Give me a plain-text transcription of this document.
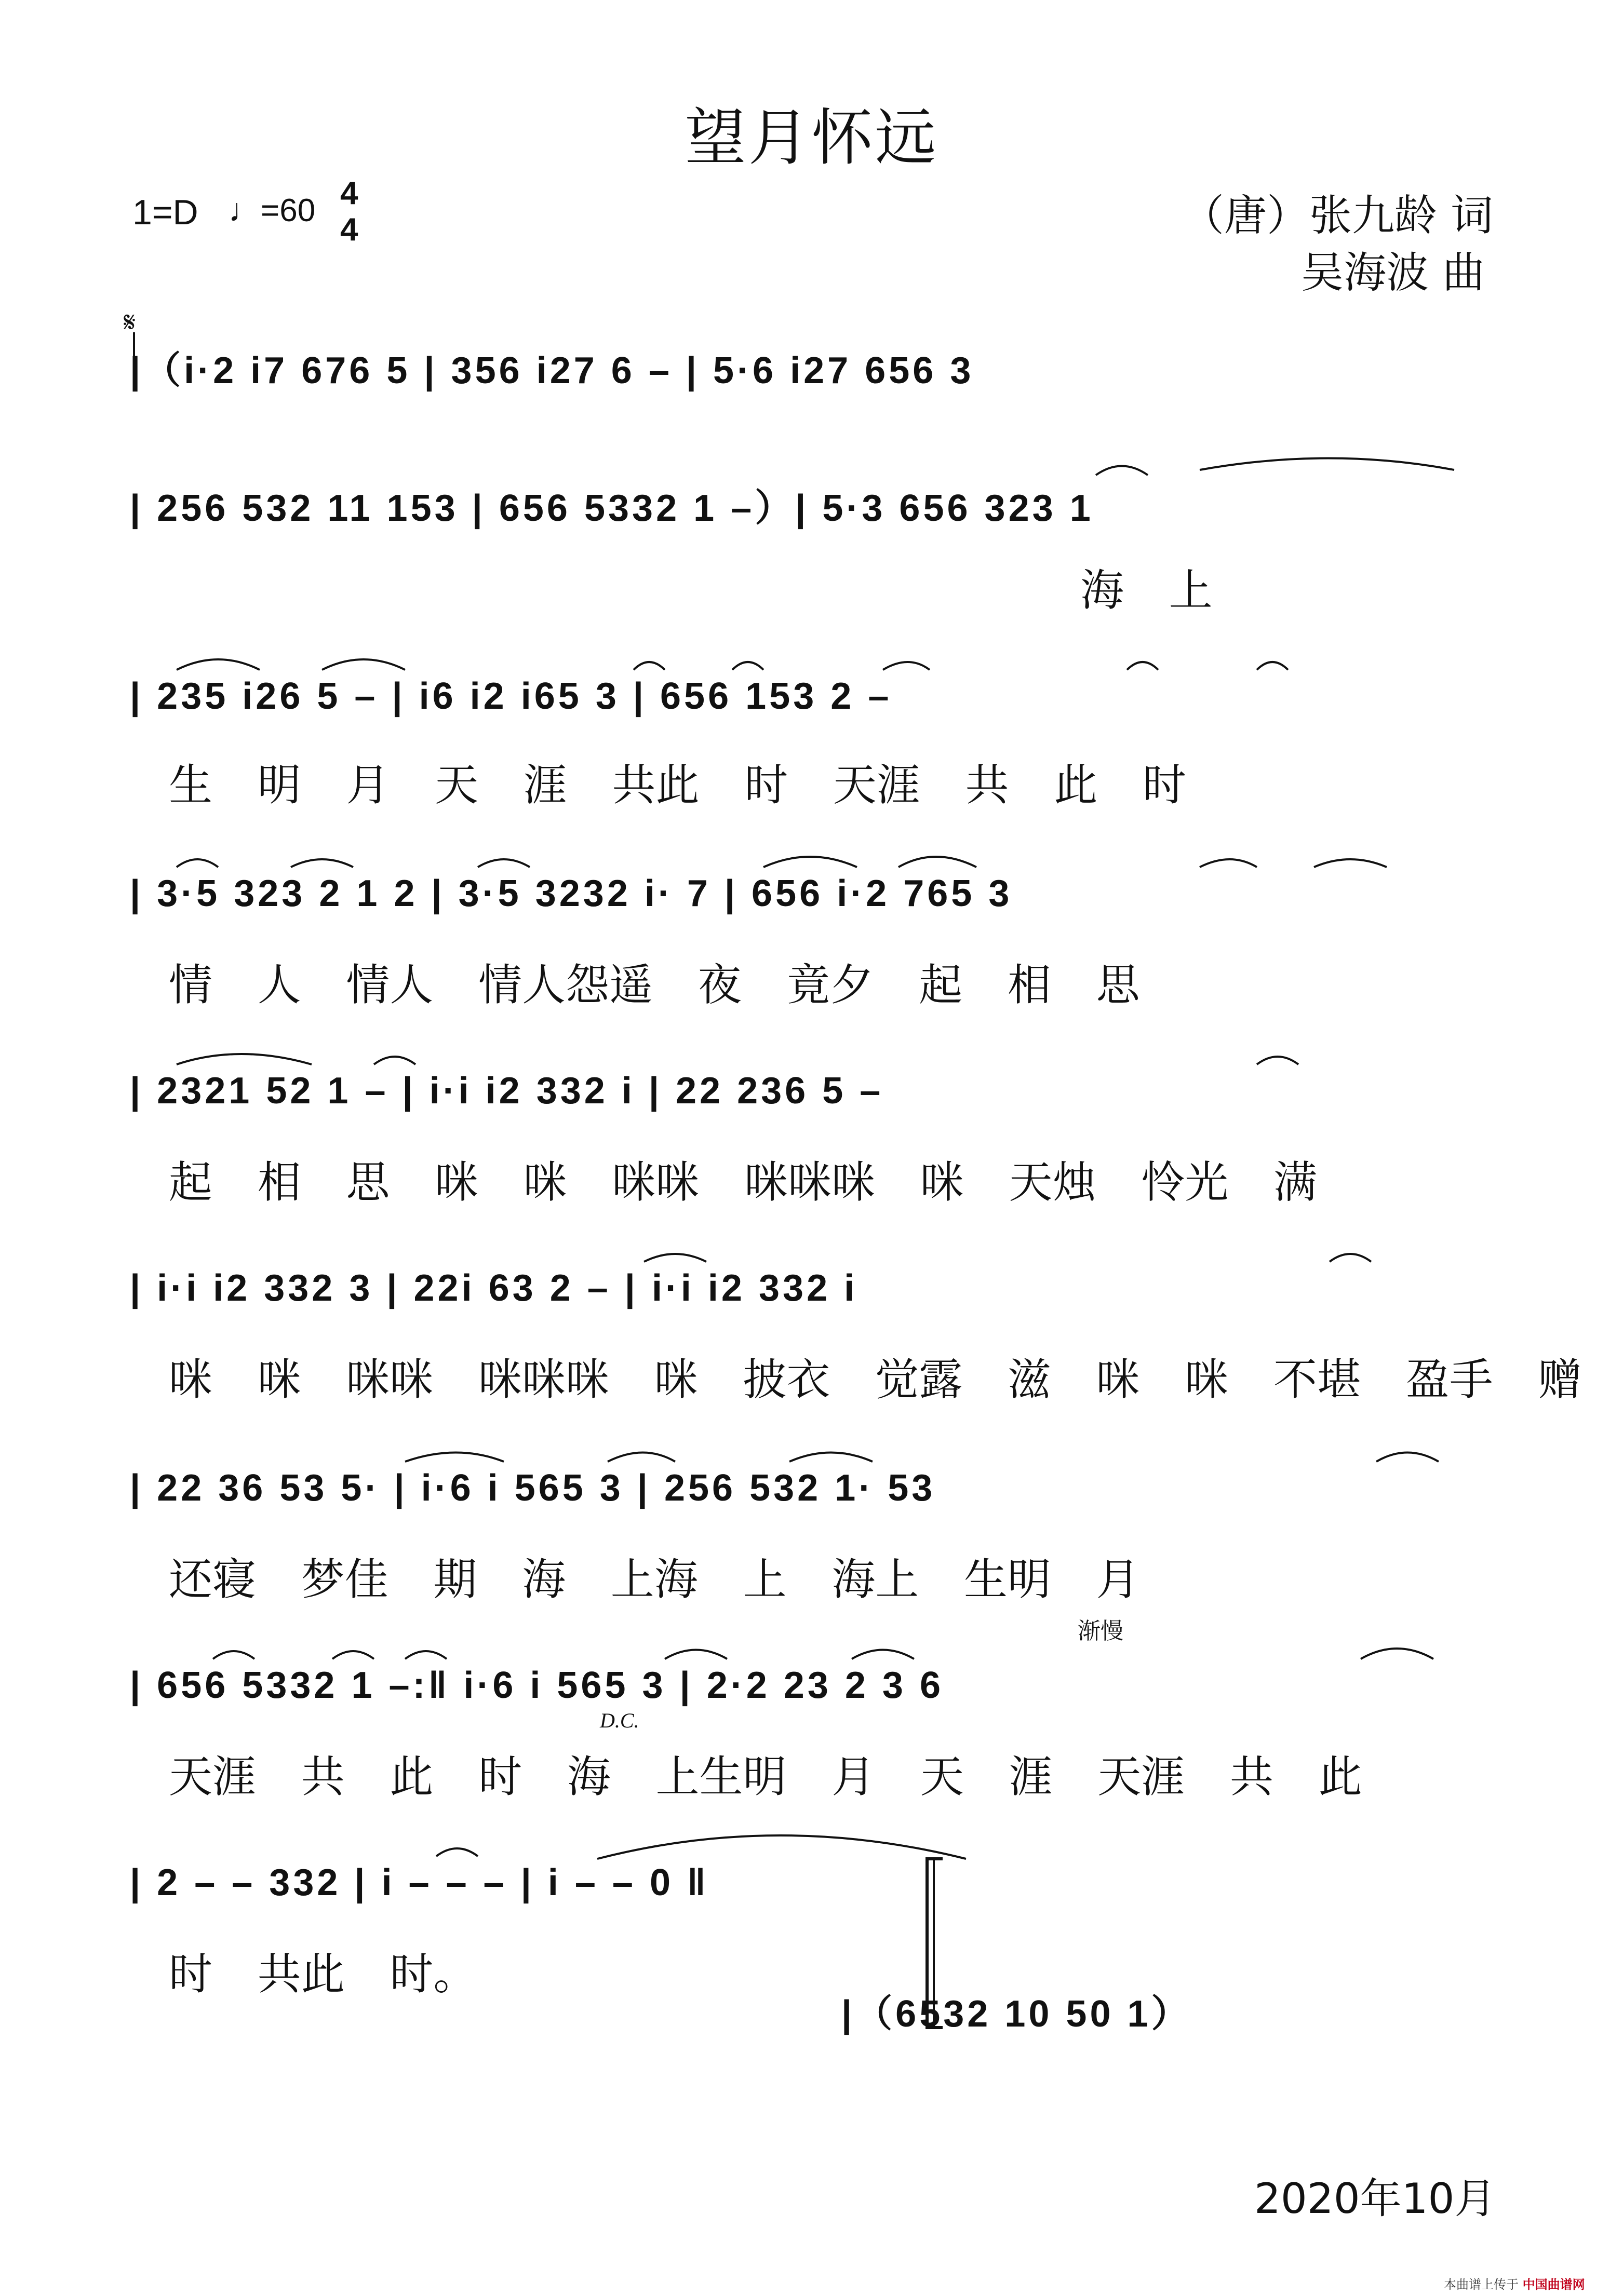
望月怀远
1=D ♩=60 4
4	（唐）张九龄 词
吴海波 曲
𝄋
|（i·2 i7 676 5 | 356 i27 6 – | 5·6 i27 656 3
| 256 532 11 153 | 656 5332 1 –）| 5·3 656 323 1
海 上
| 235 i26 5 – | i6 i2 i65 3 | 656 153 2 –
生 明 月 天 涯 共此 时 天涯 共 此 时
| 3·5 323 2 1 2 | 3·5 3232 i· 7 | 656 i·2 765 3
情 人 情人 情人怨遥 夜 竟夕 起 相 思
| 2321 52 1 – | i·i i2 332 i | 22 236 5 –
起 相 思 咪 咪 咪咪 咪咪咪 咪 天烛 怜光 满
| i·i i2 332 3 | 22i 63 2 – | i·i i2 332 i
咪 咪 咪咪 咪咪咪 咪 披衣 觉露 滋 咪 咪 不堪 盈手 赠
| 22 36 53 5· | i·6 i 565 3 | 256 532 1· 53
还寝 梦佳 期 海 上海 上 海上 生明 月
渐慢
| 656 5332 1 –:‖ i·6 i 565 3 | 2·2 23 2 3 6
D.C.
天涯 共 此 时 海 上生明 月 天 涯 天涯 共 此
| 2 – – 332 | i – – – | i – – 0 ‖
时 共此 时。
|（6532 10 50 1）
2020年10月
本曲谱上传于 中国曲谱网
